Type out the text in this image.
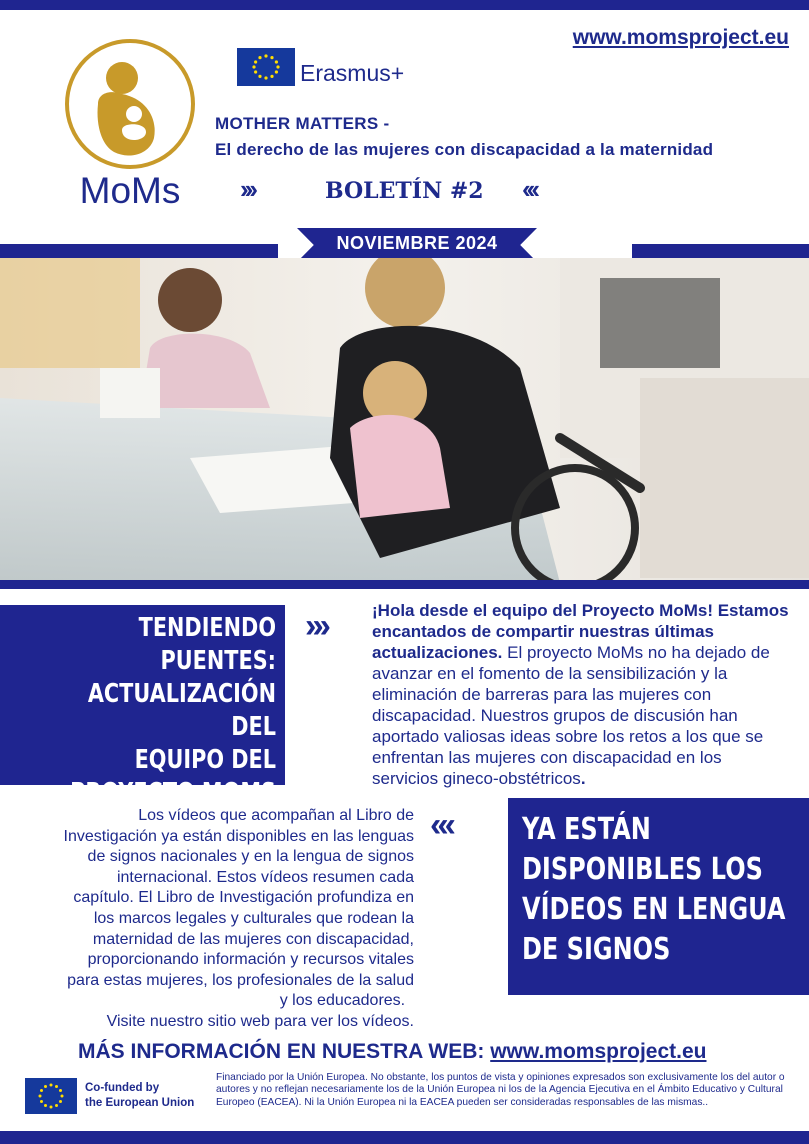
www.momsproject.eu
MoMs
Erasmus+
MOTHER MATTERS -
El derecho de las mujeres con discapacidad a la maternidad
›››	BOLETÍN #2 ‹‹‹
NOVIEMBRE 2024
TENDIENDO
PUENTES:
ACTUALIZACIÓN DEL
EQUIPO DEL
PROYECTO MOMS
›››	¡Hola desde el equipo del Proyecto MoMs! Estamos encantados de compartir nuestras últimas actualizaciones. El proyecto MoMs no ha dejado de avanzar en el fomento de la sensibilización y la eliminación de barreras para las mujeres con discapacidad. Nuestros grupos de discusión han aportado valiosas ideas sobre los retos a los que se enfrentan las mujeres con discapacidad en los servicios gineco-obstétricos.
Los vídeos que acompañan al Libro de
Investigación ya están disponibles en las lenguas
de signos nacionales y en la lengua de signos
internacional. Estos vídeos resumen cada
capítulo. El Libro de Investigación profundiza en
los marcos legales y culturales que rodean la
maternidad de las mujeres con discapacidad,
proporcionando información y recursos vitales
para estas mujeres, los profesionales de la salud
y los educadores.
Visite nuestro sitio web para ver los vídeos.
‹‹‹ YA ESTÁN
DISPONIBLES LOS
VÍDEOS EN LENGUA
DE SIGNOS
MÁS INFORMACIÓN EN NUESTRA WEB: www.momsproject.eu
Co-funded by
the European Union
Financiado por la Unión Europea. No obstante, los puntos de vista y opiniones expresados son exclusivamente los del autor o autores y no reflejan necesariamente los de la Unión Europea ni los de la Agencia Ejecutiva en el Ámbito Educativo y Cultural Europeo (EACEA). Ni la Unión Europea ni la EACEA pueden ser consideradas responsables de las mismas..
